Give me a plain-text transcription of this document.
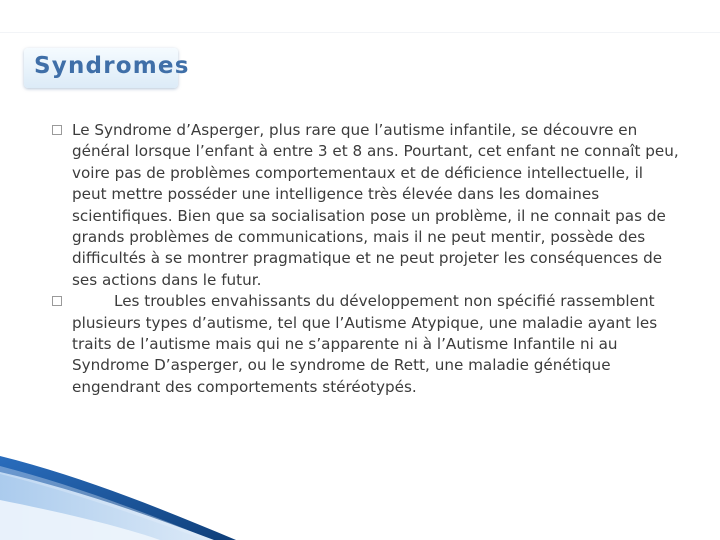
Syndromes
Le Syndrome d’Asperger, plus rare que l’autisme infantile, se découvre en général lorsque l’enfant à entre 3 et 8 ans. Pourtant, cet enfant ne connaît peu, voire pas de problèmes comportementaux et de déficience intellectuelle, il peut mettre posséder une intelligence très élevée dans les domaines scientifiques. Bien que sa socialisation pose un problème, il ne connait pas de grands problèmes de communications, mais il ne peut mentir, possède des difficultés à se montrer pragmatique et ne peut projeter les conséquences de ses actions dans le futur.
Les troubles envahissants du développement non spécifié rassemblent plusieurs types d’autisme, tel que l’Autisme Atypique, une maladie ayant les traits de l’autisme mais qui ne s’apparente ni à l’Autisme Infantile ni au Syndrome D’asperger, ou le syndrome de Rett, une maladie génétique engendrant des comportements stéréotypés.
